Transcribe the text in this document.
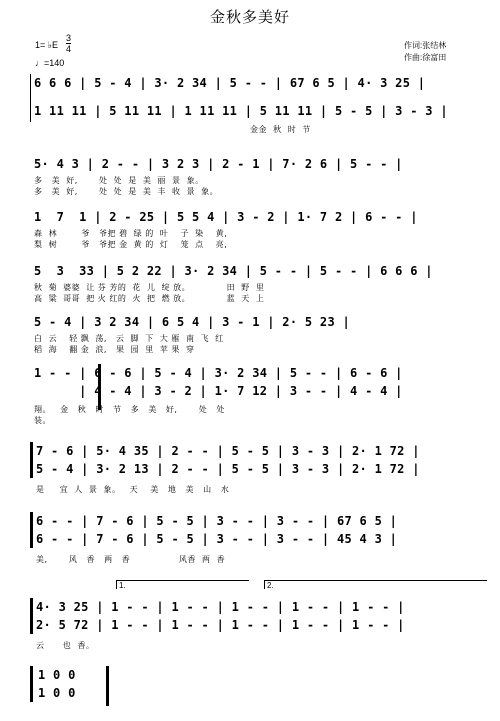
金秋多美好
1= ♭E
3
4
♩=140
作词:张结林
作曲:徐富田
6 6 6 | 5 - 4 | 3· 2 34 | 5 - - | 67 6 5 | 4· 3 25 |
1 11 11 | 5 11 11 | 1 11 11 | 5 11 11 | 5 - 5 | 3 - 3 |
金金  秋  时  节
5· 4 3 | 2 - - | 3 2 3 | 2 - 1 | 7· 2 6 | 5 - - |
多   美  好,       处  处  是  美  丽  景  象。
多   美  好,       处  处  是  美  丰  收  景  象。
1  7  1 | 2 - 25 | 5 5 4 | 3 - 2 | 1· 7 2 | 6 - - |
森  林        爷   爷把 碧  绿 的  叶    子  染    黄,
梨  树        爷   爷把 金  黄 的  灯    笼  点    亮,
5  3  33 | 5 2 22 | 3· 2 34 | 5 - - | 5 - - | 6 6 6 |
秋  菊  婆婆  让 芬 芳的  花  儿  绽 放。            田  野  里
高  粱  哥哥  把 火 红的  火  把  燃 放。            蓝  天  上
5 - 4 | 3 2 34 | 6 5 4 | 3 - 1 | 2· 5 23 |
白  云    轻 飘  荡,   云  脚  下  大 雁  南  飞  红
稻  海    翻 金  浪,   果  园  里  苹 果  穿
1 - - | 6 - 6 | 5 - 4 | 3· 2 34 | 5 - - | 6 - 6 |
| 4 - 4 | 3 - 2 | 1· 7 12 | 3 - - | 4 - 4 |
翔。   金   秋   时   节   多   美   好,       处   处
装。
7 - 6 | 5· 4 35 | 2 - - | 5 - 5 | 3 - 3 | 2· 1 72 |
5 - 4 | 3· 2 13 | 2 - - | 5 - 5 | 3 - 3 | 2· 1 72 |
是     宜  人  景  象。   天    美   地   美   山   水
6 - - | 7 - 6 | 5 - 5 | 3 - - | 3 - - | 67 6 5 |
6 - - | 7 - 6 | 5 - 5 | 3 - - | 3 - - | 45 4 3 |
美,       风   香   两   香                风香  两  香
1.	2.
4· 3 25 | 1 - - | 1 - - | 1 - - | 1 - - | 1 - - |
2· 5 72 | 1 - - | 1 - - | 1 - - | 1 - - | 1 - - |
云      也  香。
1 0 0
1 0 0
